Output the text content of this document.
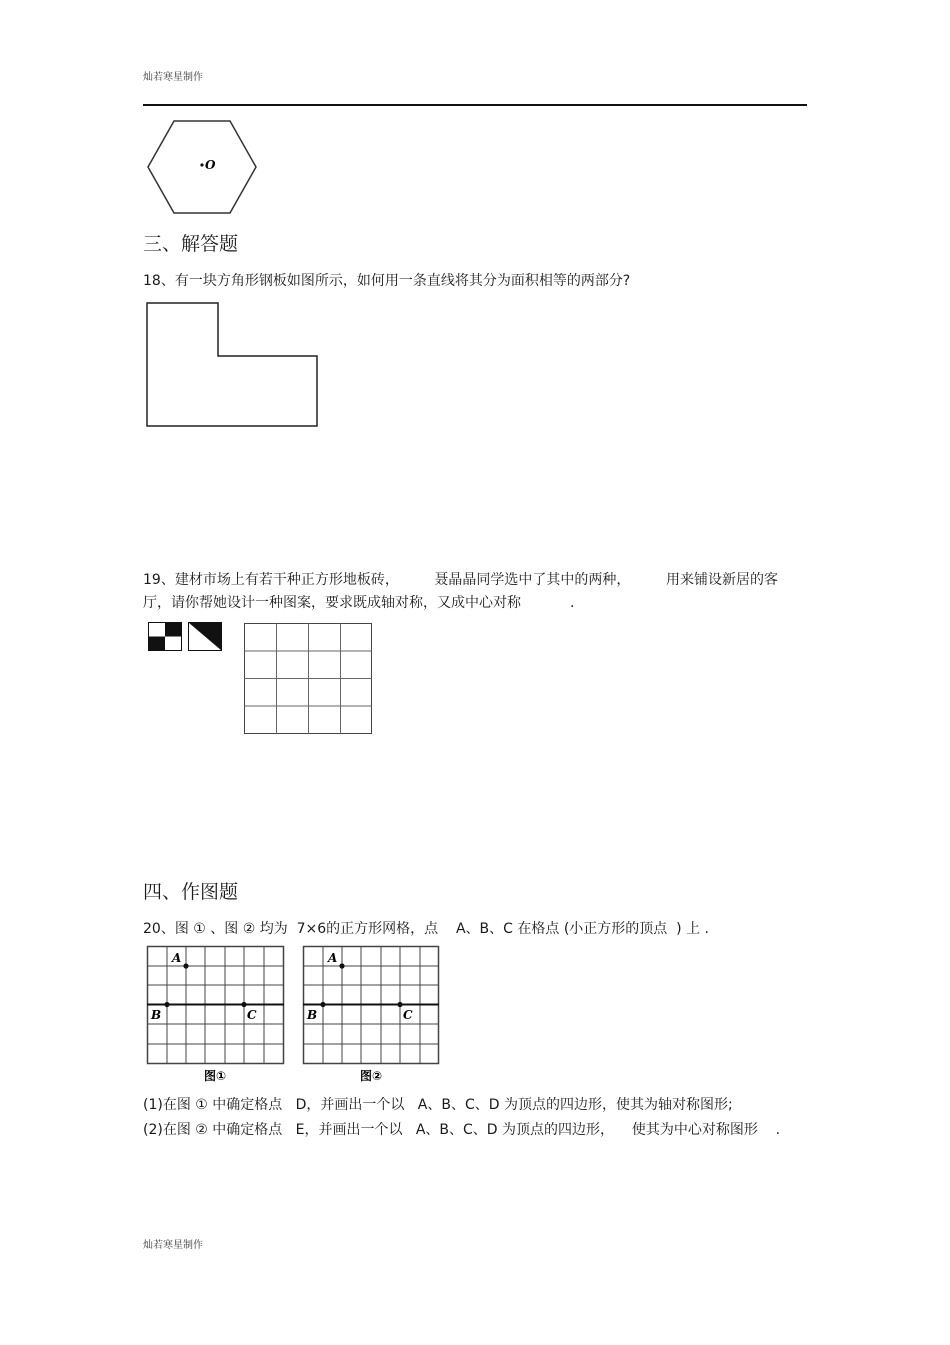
灿若寒星制作
O
三、解答题
18、有一块方角形钢板如图所示，如何用一条直线将其分为面积相等的两部分?
19、建材市场上有若干种正方形地板砖，        聂晶晶同学选中了其中的两种，        用来铺设新居的客
厅，请你帮她设计一种图案，要求既成轴对称，又成中心对称           .
四、作图题
20、图 ① 、图 ② 均为  7×6的正方形网格，点    A、B、C 在格点 (小正方形的顶点  ) 上 .
A
B	C
图①
A
B	C
图②
(1)在图 ① 中确定格点   D，并画出一个以   A、B、C、D 为顶点的四边形，使其为轴对称图形;
(2)在图 ② 中确定格点   E，并画出一个以   A、B、C、D 为顶点的四边形，    使其为中心对称图形    .
灿若寒星制作
